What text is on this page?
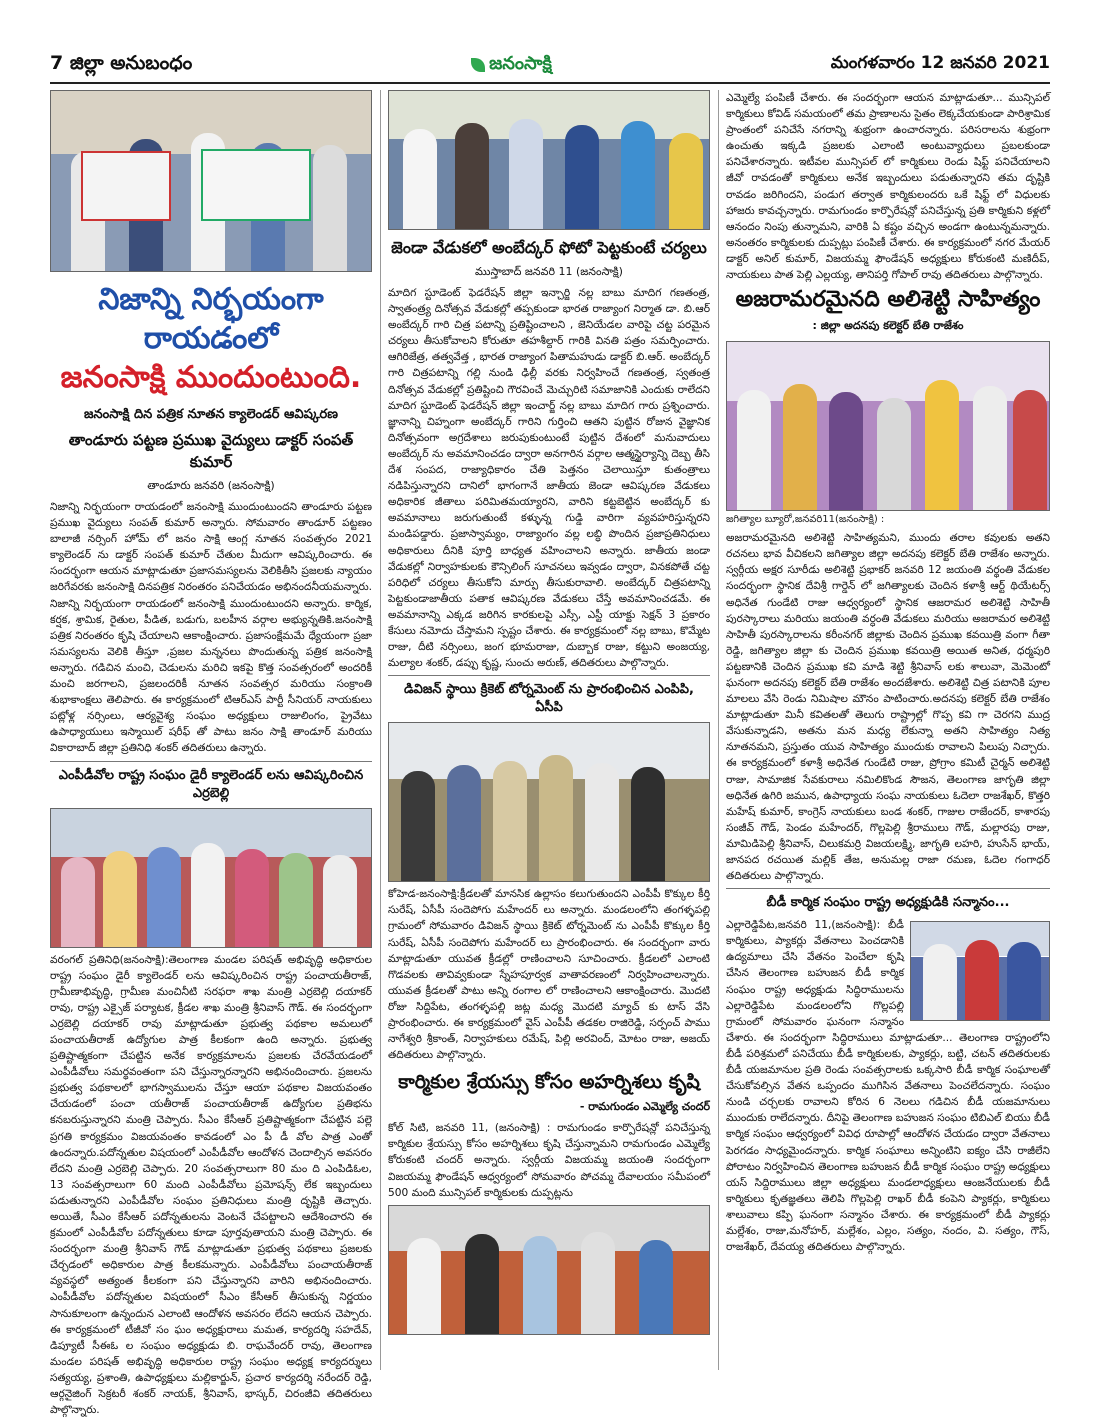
7 జిల్లా అనుబంధం	జనంసాక్షి	మంగళవారం 12 జనవరి 2021
నిజాన్ని నిర్భయంగా రాయడంలో
జనంసాక్షి ముందుంటుంది.
జనంసాక్షి దిన పత్రిక నూతన క్యాలెండర్ ఆవిష్కరణ
తాండూరు పట్టణ ప్రముఖ వైద్యులు డాక్టర్ సంపత్ కుమార్
తాండూరు జనవరి (జనంసాక్షి)
నిజాన్ని నిర్భయంగా రాయడంలో జనంసాక్షి ముందుంటుందని తాండూరు పట్టణ ప్రముఖ వైద్యులు సంపత్ కుమార్ అన్నారు. సోమవారం తాండూర్ పట్టణం బాలాజీ నర్సింగ్ హోమ్ లో జనం సాక్షి ఆంగ్ల నూతన సంవత్సరం 2021 క్యాలెండర్ ను డాక్టర్ సంపత్ కుమార్ చేతుల మీదుగా ఆవిష్కరించారు. ఈ సందర్భంగా ఆయన మాట్లాడుతూ ప్రజాసమస్యలను వెలికితీసి ప్రజలకు న్యాయం జరిగేవరకు జనంసాక్షి దినపత్రిక నిరంతరం పనిచేయడం అభినందనీయమన్నారు. నిజాన్ని నిర్భయంగా రాయడంలో జనంసాక్షి ముందుంటుందని అన్నారు. కార్మిక, కర్షక, శ్రామిక, రైతుల, పీడిత, బడుగు, బలహీన వర్గాల అభ్యున్నతికి.జనంసాక్షి పత్రిక నిరంతరం కృషి చేయాలని ఆకాంక్షించారు. ప్రజాసంక్షేమమే ధ్యేయంగా ప్రజా సమస్యలను వెలికి తీస్తూ ,ప్రజల మన్ననలు పొందుతున్న పత్రిక జనంసాక్షి అన్నారు. గడిచిన మంచి, చెడులను మరిచి ఇకపై కొత్త సంవత్సరంలో అందరికీ మంచి జరగాలని, ప్రజలందరికీ నూతన సంవత్సర మరియు సంక్రాంతి శుభాకాంక్షలు తెలిపారు. ఈ కార్యక్రమంలో టిఆర్ఎస్ పార్టీ సీనియర్ నాయకులు పట్లోళ్ల నర్సింలు, ఆర్యవైశ్య సంఘం అధ్యక్షులు రాజులింగం, ప్రైవేటు ఉపాధ్యాయులు ఇస్మాయిల్ షరీఫ్ తో పాటు జనం సాక్షి తాండూర్ మరియు వికారాబాద్ జిల్లా ప్రతినిధి శంకర్ తదితరులు ఉన్నారు.
ఎంపీడీవోల రాష్ట్ర సంఘం డైరీ క్యాలెండర్ లను ఆవిష్కరించిన ఎర్రబెల్లి
వరంగల్ ప్రతినిధి(జనంసాక్షి):తెలంగాణ మండల పరిషత్ అభివృద్ధి అధికారుల రాష్ట్ర సంఘం డైరీ క్యాలెండర్ లను ఆవిష్కరించిన రాష్ట్ర పంచాయతీరాజ్, గ్రామీణాభివృద్ధి, గ్రామీణ మంచినీటి సరఫరా శాఖ మంత్రి ఎర్రబెల్లి దయాకర్ రావు, రాష్ట్ర ఎక్సైజ్ పర్యాటక, క్రీడల శాఖ మంత్రి శ్రీనివాస్ గౌడ్. ఈ సందర్భంగా ఎర్రబెల్లి దయాకర్ రావు మాట్లాడుతూ ప్రభుత్వ పథకాల అమలులో పంచాయతీరాజ్ ఉద్యోగుల పాత్ర కీలకంగా ఉంది అన్నారు. ప్రభుత్వ ప్రతిష్టాత్మకంగా చేపట్టిన అనేక కార్యక్రమాలను ప్రజలకు చేరవేయడంలో ఎంపీడీవోలు సమర్థవంతంగా పని చేస్తున్నారన్నారని అభినందించారు. ప్రజలను ప్రభుత్వ పథకాలలో భాగస్వాములను చేస్తూ ఆయా పథకాల విజయవంతం చేయడంలో పంచా యతీరాజ్ పంచాయతీరాజ్ ఉద్యోగుల ప్రతిభను కనబరుస్తున్నారని మంత్రి చెప్పారు. సీఎం కేసీఆర్ ప్రతిష్టాత్మకంగా చేపట్టిన పల్లె ప్రగతి కార్యక్రమం విజయవంతం కావడంలో ఎం పీ డీ వోల పాత్ర ఎంతో ఉందన్నారు.పదోన్నతుల విషయంలో ఎంపీడీవోల ఆందోళన చెందాల్సిన అవసరం లేదని మంత్రి ఎర్రబెల్లి చెప్పారు. 20 సంవత్సరాలుగా 80 మం ది ఎంపిడిఓల, 13 సంవత్సరాలుగా 60 మంది ఎంపీడీవోలు ప్రమోషన్స్ లేక ఇబ్బందులు పడుతున్నారని ఎంపీడీవోల సంఘం ప్రతినిధులు మంత్రి దృష్టికి తెచ్చారు. అయితే, సీఎం కేసీఆర్ పదోన్నతులను వెంటనే చేపట్టాలని ఆదేశించారని ఈ క్రమంలో ఎంపీడీవోల పదోన్నతులు కూడా పూర్తవుతాయని మంత్రి చెప్పారు. ఈ సందర్భంగా మంత్రి శ్రీనివాస్ గౌడ్ మాట్లాడుతూ ప్రభుత్వ పథకాలు ప్రజలకు చేర్చడంలో అధికారుల పాత్ర కీలకమన్నారు. ఎంపీడీవోలు పంచాయతీరాజ్ వ్యవస్థలో అత్యంత కీలకంగా పని చేస్తున్నారని వారిని అభినందించారు. ఎంపీడీవోల పదోన్నతుల విషయంలో సీఎం కేసీఆర్ తీసుకున్న నిర్ణయం సానుకూలంగా ఉన్నందున ఎలాంటి ఆందోళన అవసరం లేదని ఆయన చెప్పారు. ఈ కార్యక్రమంలో టీజీవో సం ఘం అధ్యక్షురాలు మమత, కార్యదర్శి సహదేవ్, డిప్యూటీ సీఈఓ ల సంఘం అధ్యక్షుడు బి. రాఘవేందర్ రావు, తెలంగాణ మండల పరిషత్ అభివృద్ధి అధికారుల రాష్ట్ర సంఘం అధ్యక్ష కార్యదర్శులు సత్యయ్య, ప్రశాంతి, ఉపాధ్యక్షులు మల్లికార్జున్, ప్రచార కార్యదర్శి నరేందర్ రెడ్డి, ఆర్గనైజింగ్ సెక్రటరీ శంకర్ నాయక్, శ్రీనివాస్, భాస్కర్, చిరంజీవి తదితరులు పాల్గొన్నారు.
జెండా వేడుకలో అంబేద్కర్ ఫోటో పెట్టకుంటే చర్యలు
ముస్తాబాద్ జనవరి 11 (జనంసాక్షి)
మాదిగ స్టూడెంట్ ఫెడరేషన్ జిల్లా ఇన్చార్జి నల్ల బాబు మాదిగ గణతంత్ర, స్వాతంత్ర్య దినోత్సవ వేడుకల్లో తప్పకుండా భారత రాజ్యాంగ నిర్మాత డా. బి.ఆర్ అంబేద్కర్ గారి చిత్ర పటాన్ని ప్రతిష్టించాలని , జెనియేడల వారిపై చట్ట పరమైన చర్యలు తీసుకోవాలని కోరుతూ తహశీల్దార్ గారికి వినతి పత్రం సమర్పించారు. ఆగిరిజేత్ర, తత్వవేత్త , భారత రాజ్యాంగ పితామహుడు డాక్టర్ బి.ఆర్. అంబేద్కర్ గారి చిత్రపటాన్ని గల్లి నుండి ఢిల్లీ వరకు నిర్వహించే గణతంత్ర, స్వతంత్ర దినోత్సవ వేడుకల్లో ప్రతిష్టించి గౌరవించే మెచ్చురిటి సమాజానికి ఎందుకు రాలేదని మాదిగ స్టూడెంట్ ఫెడరేషన్ జిల్లా ఇంచార్జ్ నల్ల బాబు మాదిగ గారు ప్రశ్నించారు. జ్ఞానాన్ని చిహ్నంగా అంబేద్కర్ గారిని గుర్తించి ఆతని పుట్టిన రోజున వైజ్ఞానిక దినోత్సవంగా అగ్రదేశాలు జరుపుకుంటుంటే పుట్టిన దేశంలో మనువాదులు అంబేద్కర్ ను అవమానించడం ద్వారా అనగారిన వర్గాల ఆత్మస్థైర్యాన్ని దెబ్బ తీసి దేశ సంపద, రాజ్యాధికారం చేతి పెత్తనం చెలాయిస్తూ కుతంత్రాలు నడిపిస్తున్నారని దానిలో భాగంగానే జాతీయ జెండా ఆవిష్కరణ వేడుకలు అధికారిక జీతాలు పరిమితమయ్యారని, వారిని కట్టబెట్టిన అంబేద్కర్ కు అవమానాలు జరుగుతుంటే కళ్ళున్న గుడ్డి వారిగా వ్యవహరిస్తున్నరని మండిపడ్డారు. ప్రజాస్వామ్యం, రాజ్యాంగం వల్ల లబ్ధి పొందిన ప్రజాప్రతినిధులు అధికారులు దీనికి పూర్తి బాధ్యత వహించాలని అన్నారు. జాతీయ జండా వేడుకల్లో నిర్వాహకులకు కౌన్సిలింగ్ సూచనలు ఇవ్వడం ద్వారా, వినకపోతే చట్ట పరిధిలో చర్యలు తీసుకోని మార్పు తీసుకురావాలి. అంబేద్కర్ చిత్రపటాన్ని పెట్టకుండాజాతీయ పతాక ఆవిష్కరణ వేడుకలు చేస్తే అవమానించడమే. ఈ అవమానాన్ని ఎక్కడ జరిగిన కారకులపై ఎస్సీ, ఎస్టీ యాక్టు సెక్షన్ 3 ప్రకారం కేసులు నమోదు చేస్తామని స్పష్టం చేశారు. ఈ కార్యక్రమంలో నల్ల బాబు, కొమ్మేట రాజు, దీటి నర్సింలు, జంగ భూమరాజు, దుబ్బాక రాజు, కట్టుని అంజయ్య, మల్యాల శంకర్, డప్పు కృష్ణ, సుంచు అరుణ్, తదితరులు పాల్గొన్నారు.
డివిజన్ స్థాయి క్రికెట్ టోర్నమెంట్ ను ప్రారంభించిన ఎంపిపి, ఏసీపి
కోహెడ-జనంసాక్షి:క్రీడలతో మానసిక ఉల్లాసం కలుగుతుందని ఎంపీపీ కొక్కుల కీర్తి సురేష్, ఏసీపీ సందెపోగు మహేందర్ లు అన్నారు. మండలంలోని తంగళ్ళపల్లి గ్రామంలో సోమవారం డివిజన్ స్థాయి క్రికెట్ టోర్నమెంట్ ను ఎంపీపీ కొక్కుల కీర్తి సురేష్, ఏసీపీ సందెపోగు మహేందర్ లు ప్రారంభించారు. ఈ సందర్భంగా వారు మాట్లాడుతూ యువత క్రీడల్లో రాణించాలని సూచించారు. క్రీడలలో ఎలాంటి గొడవలకు తావివ్వకుండా స్నేహపూర్వక వాతావరణంలో నిర్వహించాలన్నారు. యువత క్రీడలతో పాటు అన్ని రంగాల లో రాణించాలని ఆకాంక్షించారు. మొదటి రోజు సిద్దిపేట, తంగళ్ళపల్లి జట్ల మధ్య మొదటి మ్యాచ్ కు టాస్ వేసి ప్రారంభించారు. ఈ కార్యక్రమంలో వైస్ ఎంపీపీ తడకల రాజిరెడ్డి, సర్పంచ్ పాము నాగేశ్వరి శ్రీకాంత్, నిర్వాహకులు రమేష్, పిల్లి అరవింద్, మోటం రాజు, అజయ్ తదితరులు పాల్గొన్నారు.
కార్మికుల శ్రేయస్సు కోసం అహర్నిశలు కృషి
- రామగుండం ఎమ్మెల్యే చందర్
కోల్ సిటి, జనవరి 11, (జనంసాక్షి) : రామగుండం కార్పొరేషన్లో పనిచేస్తున్న కార్మికుల శ్రేయస్సు కోసం అహర్నిశలు కృషి చేస్తున్నామని రామగుండం ఎమ్మెల్యే కోరుకంటి చందర్ అన్నారు. స్వర్గీయ విజయమ్మ జయంతి సందర్భంగా విజయమ్మ ఫౌండేషన్ ఆధ్వర్యంలో సోమవారం పోచమ్మ దేవాలయం సమీపంలో 500 మంది మున్సిపల్ కార్మికులకు దుప్పట్లను
ఎమ్మెల్యే పంపిణీ చేశారు. ఈ సందర్భంగా ఆయన మాట్లాడుతూ... మున్సిపల్ కార్మికులు కోవిడ్ సమయంలో తమ ప్రాణాలను సైతం లెక్కచేయకుండా పారిశ్రామిక ప్రాంతంలో పనిచేసే నగరాన్ని శుభ్రంగా ఉంచారన్నారు. పరిసరాలను శుభ్రంగా ఉంచుతు ఇక్కడి ప్రజలకు ఎలాంటి అంటువ్యాధులు ప్రబలకుండా పనిచేశారన్నారు. ఇటీవల మున్సిపల్ లో కార్మికులు రెండు షిఫ్ట్ పనిచేయాలని జీవో రావడంతో కార్మికులు అనేక ఇబ్బందులు పడుతున్నారని తమ దృష్టికి రావడం జరిగిందని, పండుగ తర్వాత కార్మికులందరు ఒకే షిఫ్ట్ లో విధులకు హాజరు కావచ్చన్నారు. రామగుండం కార్పొరేషన్లో పనిచేస్తున్న ప్రతి కార్మికుని కళ్లలో ఆనందం నింపు తున్నామని, వారికి ఏ కష్టం వచ్చిన అండగా ఉంటున్నమన్నారు. అనంతరం కార్మికులకు దుప్పట్లు పంపిణీ చేశారు. ఈ కార్యక్రమంలో నగర మేయర్ డాక్టర్ అనిల్ కుమార్, విజయమ్మ ఫౌండేషన్ అధ్యక్షులు కోరుకంటి మణిదీప్, నాయకులు పాత పెల్లి ఎల్లయ్య, తానిపర్తి గోపాల్ రావు తదితరులు పాల్గొన్నారు.
అజరామరమైనది అలిశెట్టి సాహిత్యం
: జిల్లా అదనపు కలెక్టర్ బేతి రాజేశం
జగిత్యాల బ్యూరో,జనవరి11(జనంసాక్షి) :
అజరామరమైనది అలిశెట్టి సాహిత్యమని, ముందు తరాల కవులకు అతని రచనలు భావ వీచికలని జగిత్యాల జిల్లా అదనపు కలెక్టర్ బేతి రాజేశం అన్నారు. స్వర్గీయ అక్షర సూరీడు అలిశెట్టి ప్రభాకర్ జనవరి 12 జయంతి వర్థంతి వేడుకల సందర్భంగా స్థానిక దేవిశ్రీ గార్డెన్ లో జగిత్యాలకు చెందిన కళాశ్రీ ఆర్ట్ థియేటర్స్ అధినేత గుండేటి రాజు ఆధ్వర్యంలో స్థానిక ఆజరామర అలిశెట్టి సాహితీ పురస్కారాలు మరియు జయంతి వర్ధంతి వేడుకలు మరియు అజరామర అలిశెట్టి సాహితీ పురస్కారాలను కరీంనగర్ జిల్లాకు చెందిన ప్రముఖ కవయిత్రి వంగా గీతా రెడ్డి, జగిత్యాల జిల్లా కు చెందిన ప్రముఖ కవయిత్రి అయిత అనిత, ధర్మపురి పట్టణానికి చెందిన ప్రముఖ కవి మాడి శెట్టి శ్రీనివాస్ లకు శాలువా, మెమెంటో ఘనంగా అదనపు కలెక్టర్ బేతి రాజేశం అందజేశారు. అలిశెట్టి చిత్ర పటానికి పూల మాలలు వేసి రెండు నిమిషాల మౌనం పాటించారు.అదనపు కలెక్టర్ బేతి రాజేశం మాట్లాడుతూ మినీ కవితలతో తెలుగు రాష్ట్రాల్లో గొప్ప కవి గా చెరగని ముద్ర వేసుకున్నాడని, అతను మన మధ్య లేకున్నా అతని సాహిత్యం నిత్య నూతనమని, ప్రస్తుతం యువ సాహిత్యం ముందుకు రావాలని పిలుపు నిచ్చారు. ఈ కార్యక్రమంలో కళాశ్రీ అధినేత గుండేటి రాజు, ప్రోగ్రాం కమిటీ చైర్మన్ అలిశెట్టి రాజు, సామాజిక సేవకురాలు నమిలికొండ సౌజన, తెలంగాణ జాగృతి జిల్లా అధినేత ఉగిరి జమున, ఉపాధ్యాయ సంఘ నాయకులు ఓదెలా రాజశేఖర్, కొత్తరి మహేష్ కుమార్, కాంగ్రెస్ నాయకులు బండ శంకర్, గాజుల రాజేందర్, కాశారపు సంజీవ్ గౌడ్, పెండం మహేందర్, గొల్లపెల్లి శ్రీరాములు గౌడ్, మల్లారపు రాజు, మామిడిపెల్లి శ్రీనివాస్, చిలుకమర్రి విజయలక్ష్మి, జాగృతి లహరి, హుసేన్ భాయ్, జానపద రచయిత మల్లిక్ తేజ, అనుమల్ల రాజా రమణ, ఓదెల గంగాధర్ తదితరులు పాల్గొన్నారు.
బీడీ కార్మిక సంఘం రాష్ట్ర అధ్యక్షుడికి సన్మానం...
ఎల్లారెడ్డిపేట,జనవరి 11,(జనంసాక్షి): బీడీ కార్మికులు, ప్యాకర్లు వేతనాలు పెంచడానికి ఉద్యమాలు చేసి వేతనం పెంచేలా కృషి చేసిన తెలంగాణ బహుజన బీడీ కార్మిక సంఘం రాష్ట్ర అధ్యక్షుడు సిద్ధిరాములను ఎల్లారెడ్డిపేట మండలంలోని గొల్లపల్లి గ్రామంలో సోమవారం ఘనంగా సన్మానం చేశారు. ఈ సందర్భంగా సిద్ధిరాములు మాట్లాడుతూ... తెలంగాణ రాష్ట్రంలోని బీడీ పరిశ్రమలో పనిచేయు బీడీ కార్మికులకు, ప్యాకర్లు, బట్టి, చటన్ తదితరులకు బీడీ యజమానుల ప్రతి రెండు సంవత్సరాలకు ఒక్కసారి బీడీ కార్మిక సంఘాలతో చేసుకోవల్సిన వేతన ఒప్పందం ముగిసిన వేతనాలు పెంచలేదన్నారు. సంఘం నుండి చర్చలకు రావాలని కోరిన 6 నెలలు గడిచిన బీడీ యజమానులు ముందుకు రాలేదన్నారు. దీనిపై తెలంగాణ బహుజన సంఘం టిబిఎల్ బియు బీడీ కార్మిక సంఘం ఆధ్వర్యంలో వివిధ రూపాల్లో ఆందోళన చేయడం ద్వారా వేతనాలు పెరగడం సాధ్యమైందన్నారు. కార్మిక సంఘాలు అన్నింటిని ఐక్యం చేసి రాజీలేని పోరాటం నిర్వహించిన తెలంగాణ బహుజన బీడీ కార్మిక సంఘం రాష్ట్ర అధ్యక్షులు యస్ సిద్దిరాములు జిల్లా అధ్యక్షులు మండలాధ్యక్షులు ఆంజనేయులకు బీడీ కార్మికులు కృతజ్ఞతలు తెలిపి గొల్లపెల్లి రాఖర్ బీడీ కంపెని ప్యాకర్లు, కార్మికులు శాలువాలు కప్పి ఘనంగా సన్మానం చేశారు. ఈ కార్యక్రమంలో బీడీ ప్యాకర్లు మల్లేశం, రాజు,మనోహర్, మల్లేశం, ఎల్లం, సత్యం, నందం, వి. సత్యం, గౌస్, రాజశేఖర్, దేవయ్య తదితరులు పాల్గొన్నారు.
